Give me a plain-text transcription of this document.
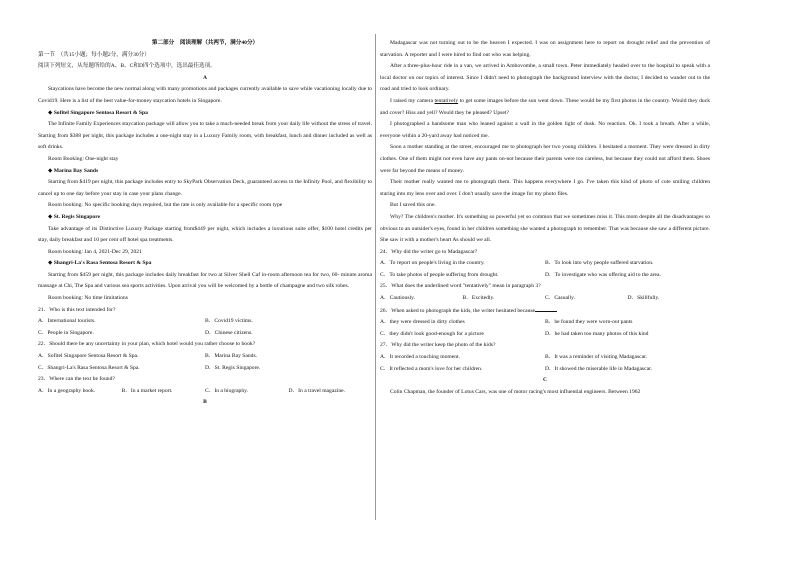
第二部分　阅读理解（共两节，满分40分）

第一节　（共15小题；每小题2分，满分30分）

阅读下列短文，从每题所给的A、B、C和D四个选项中，选出最佳选项。

A

Staycations have become the new normal along with many promotions and packages currently available to save while vacationing locally due to Covid19. Here is a list of the best value-for-money staycation hotels in Singapore.

◆ Sofitel Singapore Sentosa Resort & Spa

The Infinite Family Experiences staycation package will allow you to take a much-needed break from your daily life without the stress of travel. Starting from $388 per night, this package includes a one-night stay in a Luxury Family room, with breakfast, lunch and dinner included as well as soft drinks.

Room Booking: One-night stay

◆ Marina Bay Sands

Starting from $419 per night, this package includes entry to SkyPark Observation Deck, guaranteed access to the Infinity Pool, and flexibility to cancel up to one day before your stay in case your plans change.

Room booking: No specific booking days required, but the rate is only available for a specific room type

◆ St. Regis Singapore

Take advantage of its Distinctive Luxury Package starting from$449 per night, which includes a luxurious suite offer, $100 hotel credits per stay, daily breakfast and 10 per cent off hotel spa treatments.

Room booking: Jan 4, 2021-Dec 29, 2021

◆ Shangri-La's Rasa Sentosa Resort & Spa

Starting from $459 per night, this package includes daily breakfast for two at Silver Shell Caf in-room afternoon tea for two, 60- minute aroma massage at Chi, The Spa and various sea sports activities. Upon arrival you will be welcomed by a bottle of champagne and two silk robes.

Room booking: No time limitations

21．Who is this text intended for?

A．International tourists.	B．Covid19 victims.
C．People in Singapore.	D．Chinese citizens.

22．Should there be any uncertainty in your plan, which hotel would you rather choose to book?

A．Sofitel Singapore Sentosa Resort & Spa.	B．Marina Bay Sands.
C．Shangri-La's Rasa Sentosa Resort & Spa.	D．St. Regis Singapore.

23．Where can the text be found?

A．In a geography book.	B．In a market report.	C．In a biography.	D．In a travel magazine.

B

Madagascar was not turning out to be the heaven I expected. I was on assignment here to report on drought relief and the prevention of starvation. A reporter and I were hired to find out who was helping.

After a three-plus-hour ride in a van, we arrived in Ambovombe, a small town. Peter immediately headed over to the hospital to speak with a local doctor on our topics of interest. Since I didn't need to photograph the background interview with the doctor, I decided to wander out to the road and tried to look ordinary.

I raised my camera tentatively to get some images before the sun went down. These would be my first photos in the country. Would they duck and cover? Hiss and yell? Would they be pleased? Upset?

I photographed a handsome man who leaned against a wall in the golden light of dusk. No reaction. Ok. I took a breath. After a while, everyone within a 20-yard away had noticed me.

Soon a mother standing at the street, encouraged me to photograph her two young children. I hesitated a moment. They were dressed in dirty clothes. One of them might not even have any pants on-not because their parents were too careless, but because they could not afford them. Shoes were far beyond the means of money.

Their mother really wanted me to photograph them. This happens everywhere I go. I've taken this kind of photo of cute smiling children staring into my lens over and over. I don't usually save the image for my photo files.

But I saved this one.

Why? The children's mother. It's something so powerful yet so common that we sometimes miss it. This mom despite all the disadvantages so obvious to an outsider's eyes, found in her children something she wanted a photograph to remember. That was because she saw a different picture. She saw it with a mother's heart As should we all.

24．Why did the writer go to Madagascar?

A．To report on people's living in the country.	B．To look into why people suffered starvation.
C．To take photos of people suffering from drought.	D．To investigate who was offering aid to the area.

25．What does the underlined word "tentatively" mean in paragraph 3?

A．Cautiously.	B．Excitedly.	C．Casually.	D．Skillfully.

26．When asked to photograph the kids, the writer hesitated because

A．they were dressed in dirty clothes	B．he found they were worn-out pants
C．they didn't look good-enough for a picture	D．he had taken too many photos of this kind

27．Why did the writer keep the photo of the kids?

A．It recorded a touching moment.	B．It was a reminder of visiting Madagascar.
C．It reflected a mom's love for her children.	D．It showed the miserable life in Madagascar.

C

Colin Chapman, the founder of Lotus Cars, was one of motor racing's most influential engineers. Between 1962
